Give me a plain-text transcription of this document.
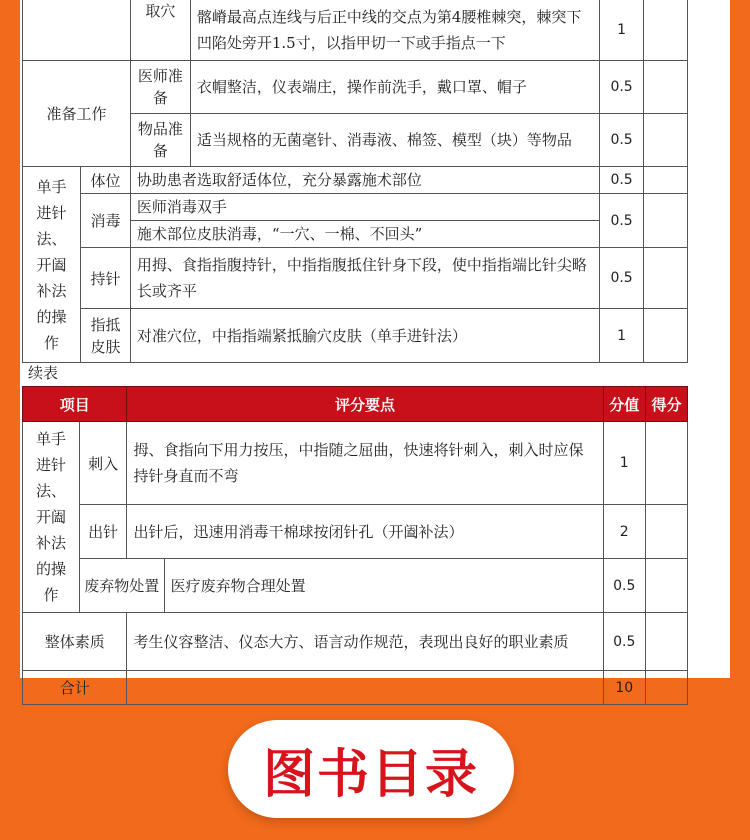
		取穴	髂嵴最高点连线与后正中线的交点为第4腰椎棘突，棘突下凹陷处旁开1.5寸，以指甲切一下或手指点一下	1	
准备工作		医师准备	衣帽整洁，仪表端庄，操作前洗手，戴口罩、帽子	0.5	
		物品准备	适当规格的无菌毫针、消毒液、棉签、模型（块）等物品	0.5	
单手进针法、开阖补法的操作	体位	协助患者选取舒适体位，充分暴露施术部位		0.5	
	消毒	医师消毒双手		0.5	
		施术部位皮肤消毒，“一穴、一棉、不回头”			
	持针	用拇、食指指腹持针，中指指腹抵住针身下段，使中指指端比针尖略长或齐平		0.5	
	指抵皮肤	对准穴位，中指指端紧抵腧穴皮肤（单手进针法）		1	
续表
项目		评分要点		分值	得分
单手进针法、开阖补法的操作	刺入	拇、食指向下用力按压，中指随之屈曲，快速将针刺入，刺入时应保持针身直而不弯		1	
	出针	出针后，迅速用消毒干棉球按闭针孔（开阖补法）		2	
	废弃物处置		医疗废弃物合理处置	0.5	
整体素质		考生仪容整洁、仪态大方、语言动作规范，表现出良好的职业素质		0.5	
合计				10	
图书目录
